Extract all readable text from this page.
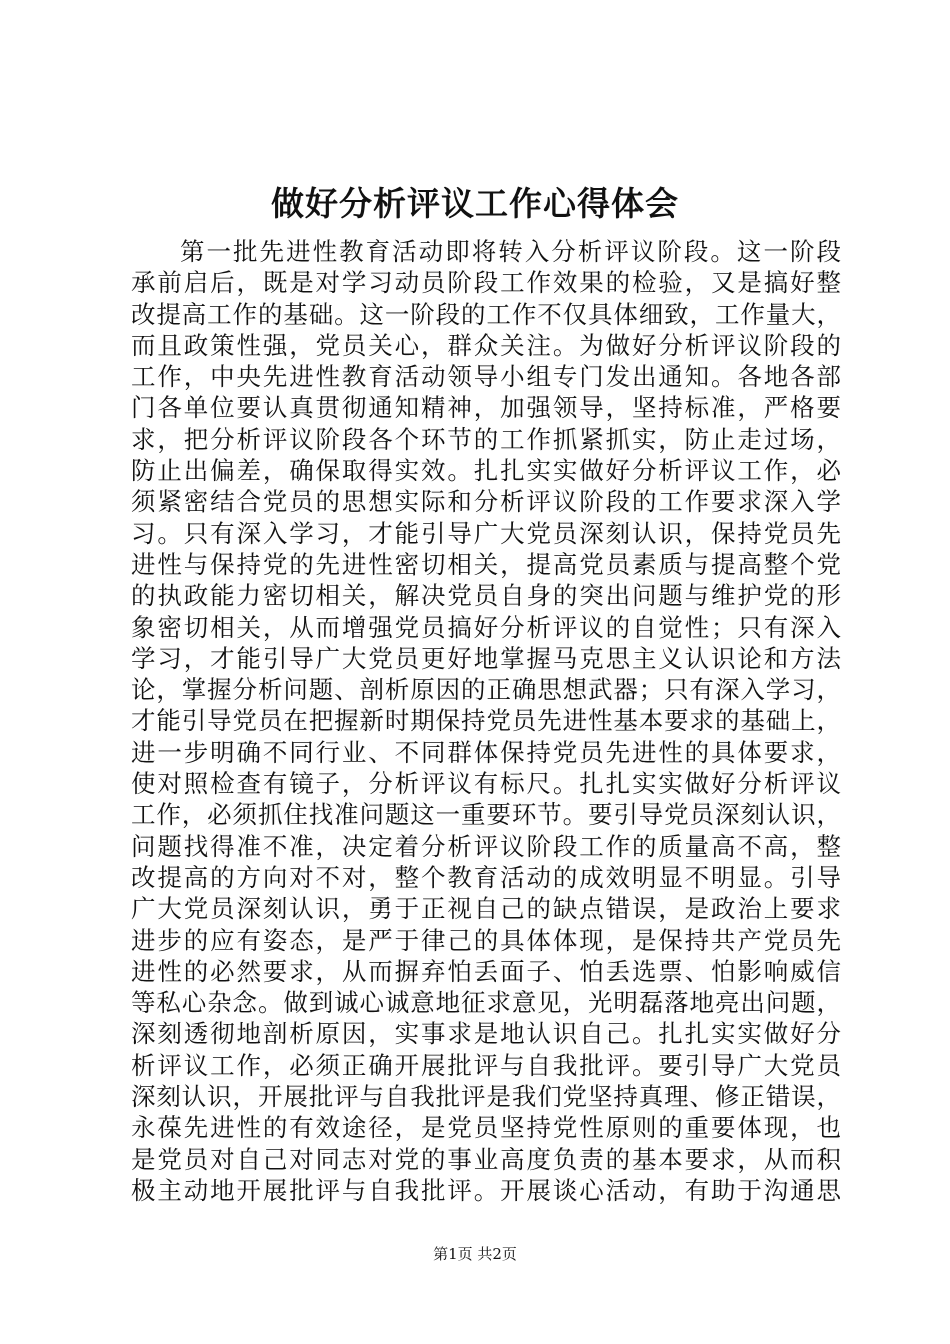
做好分析评议工作心得体会
第一批先进性教育活动即将转入分析评议阶段。这一阶段
承前启后，既是对学习动员阶段工作效果的检验，又是搞好整
改提高工作的基础。这一阶段的工作不仅具体细致，工作量大，
而且政策性强，党员关心，群众关注。为做好分析评议阶段的
工作，中央先进性教育活动领导小组专门发出通知。各地各部
门各单位要认真贯彻通知精神，加强领导，坚持标准，严格要
求，把分析评议阶段各个环节的工作抓紧抓实，防止走过场，
防止出偏差，确保取得实效。扎扎实实做好分析评议工作，必
须紧密结合党员的思想实际和分析评议阶段的工作要求深入学
习。只有深入学习，才能引导广大党员深刻认识，保持党员先
进性与保持党的先进性密切相关，提高党员素质与提高整个党
的执政能力密切相关，解决党员自身的突出问题与维护党的形
象密切相关，从而增强党员搞好分析评议的自觉性；只有深入
学习，才能引导广大党员更好地掌握马克思主义认识论和方法
论，掌握分析问题、剖析原因的正确思想武器；只有深入学习，
才能引导党员在把握新时期保持党员先进性基本要求的基础上，
进一步明确不同行业、不同群体保持党员先进性的具体要求，
使对照检查有镜子，分析评议有标尺。扎扎实实做好分析评议
工作，必须抓住找准问题这一重要环节。要引导党员深刻认识，
问题找得准不准，决定着分析评议阶段工作的质量高不高，整
改提高的方向对不对，整个教育活动的成效明显不明显。引导
广大党员深刻认识，勇于正视自己的缺点错误，是政治上要求
进步的应有姿态，是严于律己的具体体现，是保持共产党员先
进性的必然要求，从而摒弃怕丢面子、怕丢选票、怕影响威信
等私心杂念。做到诚心诚意地征求意见，光明磊落地亮出问题，
深刻透彻地剖析原因，实事求是地认识自己。扎扎实实做好分
析评议工作，必须正确开展批评与自我批评。要引导广大党员
深刻认识，开展批评与自我批评是我们党坚持真理、修正错误，
永葆先进性的有效途径，是党员坚持党性原则的重要体现，也
是党员对自己对同志对党的事业高度负责的基本要求，从而积
极主动地开展批评与自我批评。开展谈心活动，有助于沟通思
第1页 共2页
